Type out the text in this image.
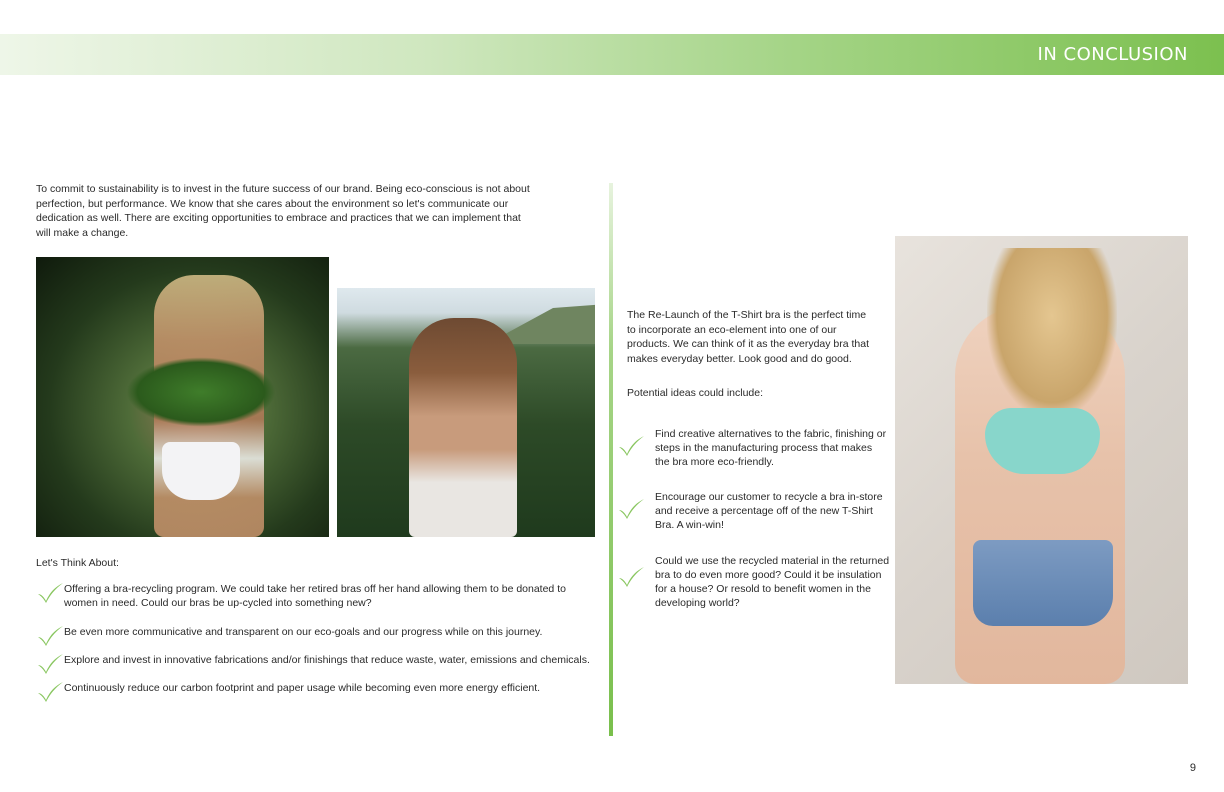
IN CONCLUSION

To commit to sustainability is to invest in the future success of our brand. Being eco-conscious is not about perfection, but performance. We know that she cares about the environment so let's communicate our dedication as well. There are exciting opportunities to embrace and practices that we can implement that will make a change.

Let's Think About:
Offering a bra-recycling program. We could take her retired bras off her hand allowing them to be donated to women in need. Could our bras be up-cycled into something new?
Be even more communicative and transparent on our eco-goals and our progress while on this journey.
Explore and invest in innovative fabrications and/or finishings that reduce waste, water, emissions and chemicals.
Continuously reduce our carbon footprint and paper usage while becoming even more energy efficient.

The Re-Launch of the T-Shirt bra is the perfect time to incorporate an eco-element into one of our products. We can think of it as the everyday bra that makes everyday better. Look good and do good.

Potential ideas could include:
Find creative alternatives to the fabric, finishing or steps in the manufacturing process that makes the bra more eco-friendly.
Encourage our customer to recycle a bra in-store and receive a percentage off of the new T-Shirt Bra. A win-win!
Could we use the recycled material in the returned bra to do even more good? Could it be insulation for a house? Or resold to benefit women in the developing world?
9
